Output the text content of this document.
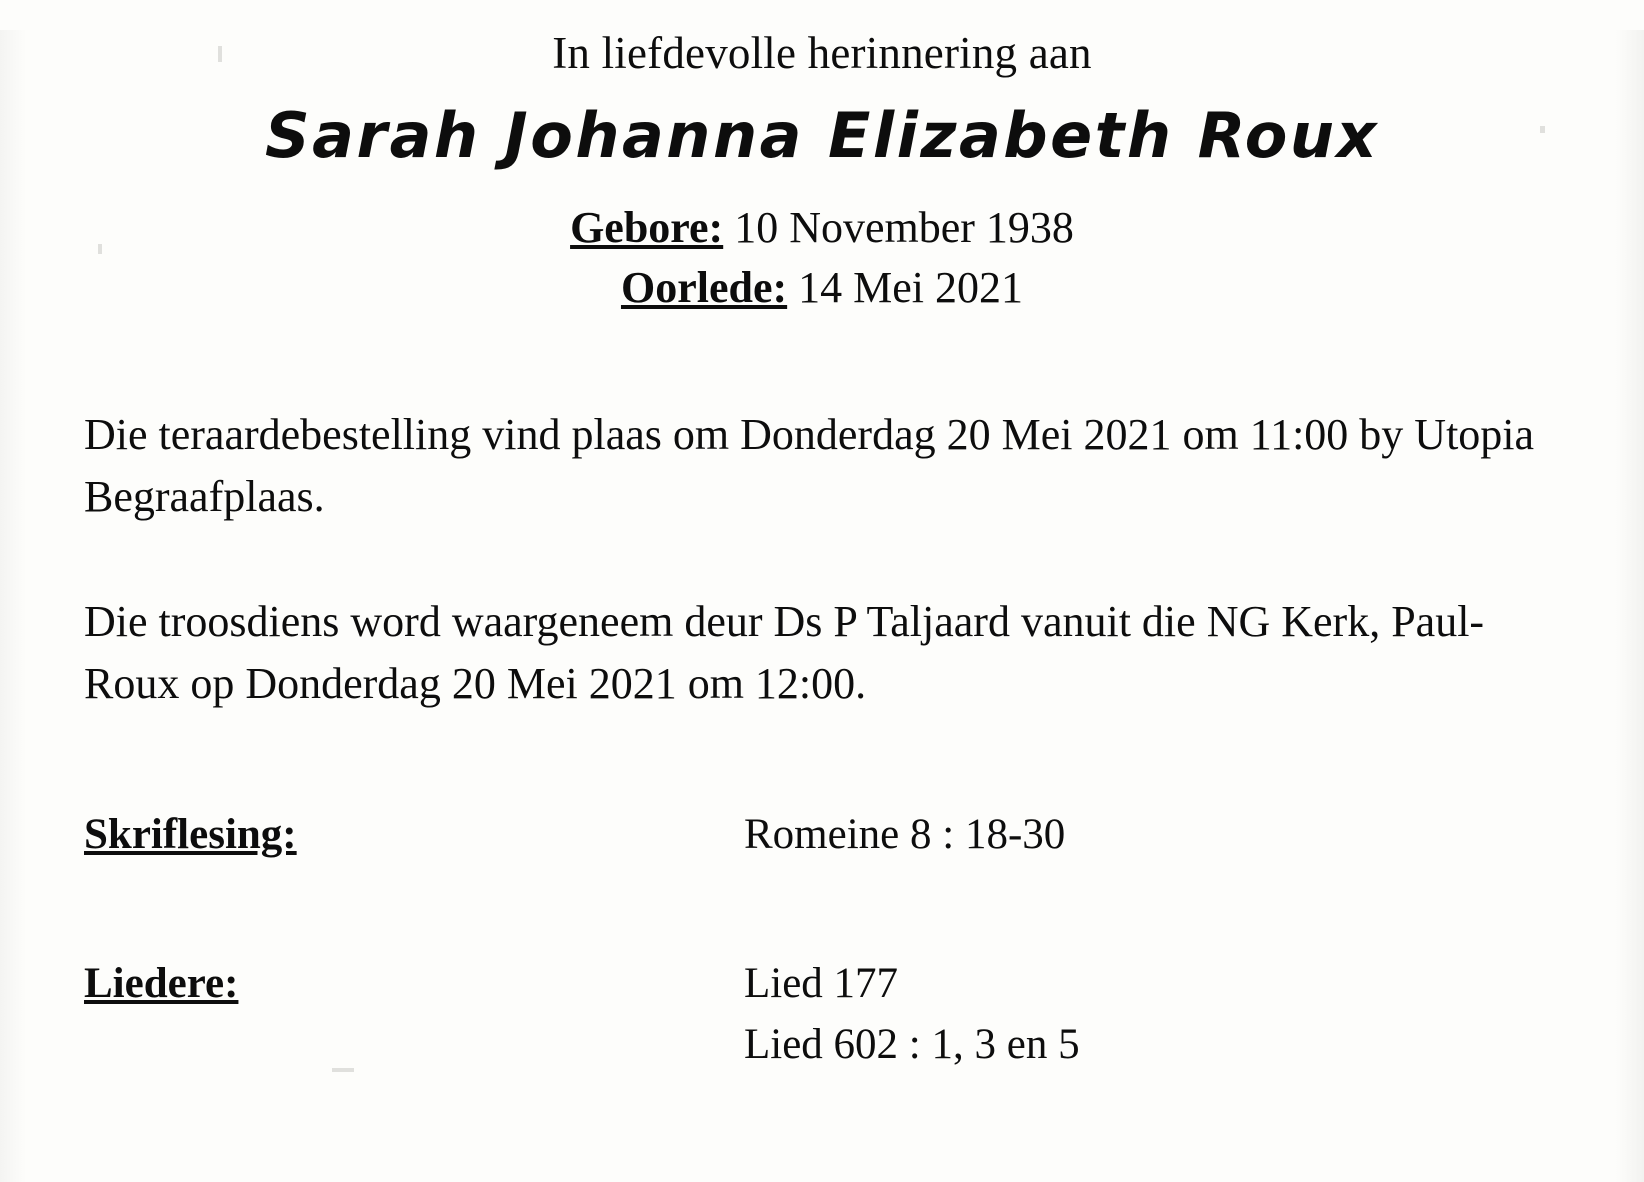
In liefdevolle herinnering aan
Sarah Johanna Elizabeth Roux
Gebore: 10 November 1938
Oorlede: 14 Mei 2021
Die teraardebestelling vind plaas om Donderdag 20 Mei 2021 om 11:00 by Utopia Begraafplaas.
Die troosdiens word waargeneem deur Ds P Taljaard vanuit die NG Kerk, Paul-Roux op Donderdag 20 Mei 2021 om 12:00.
Skriflesing:	Romeine 8 : 18-30
Liedere:	Lied 177
Lied 602 : 1, 3 en 5
